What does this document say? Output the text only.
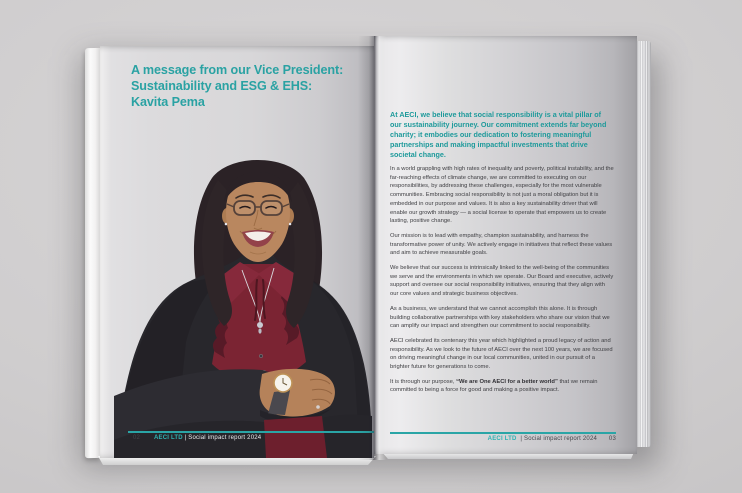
A message from our Vice President:
Sustainability and ESG & EHS:
Kavita Pema
02 AECI LTD | Social impact report 2024

At AECI, we believe that social responsibility is a vital pillar of our sustainability journey. Our commitment extends far beyond charity; it embodies our dedication to fostering meaningful partnerships and making impactful investments that drive societal change.

In a world grappling with high rates of inequality and poverty, political instability, and the far-reaching effects of climate change, we are committed to executing on our responsibilities, by addressing these challenges, especially for the most vulnerable communities. Embracing social responsibility is not just a moral obligation but it is embedded in our purpose and values. It is also a key sustainability driver that will enable our growth strategy — a social license to operate that empowers us to create lasting, positive change.

Our mission is to lead with empathy, champion sustainability, and harness the transformative power of unity. We actively engage in initiatives that reflect these values and aim to achieve measurable goals.

We believe that our success is intrinsically linked to the well-being of the communities we serve and the environments in which we operate. Our Board and executive, actively support and oversee our social responsibility initiatives, ensuring that they align with our core values and strategic business objectives.

As a business, we understand that we cannot accomplish this alone. It is through building collaborative partnerships with key stakeholders who share our vision that we can amplify our impact and strengthen our commitment to social responsibility.

AECI celebrated its centenary this year which highlighted a proud legacy of action and responsibility. As we look to the future of AECI over the next 100 years, we are focused on driving meaningful change in our local communities, united in our pursuit of a brighter future for generations to come.

It is through our purpose, “We are One AECI for a better world” that we remain committed to being a force for good and making a positive impact.

AECI LTD | Social impact report 2024 03
